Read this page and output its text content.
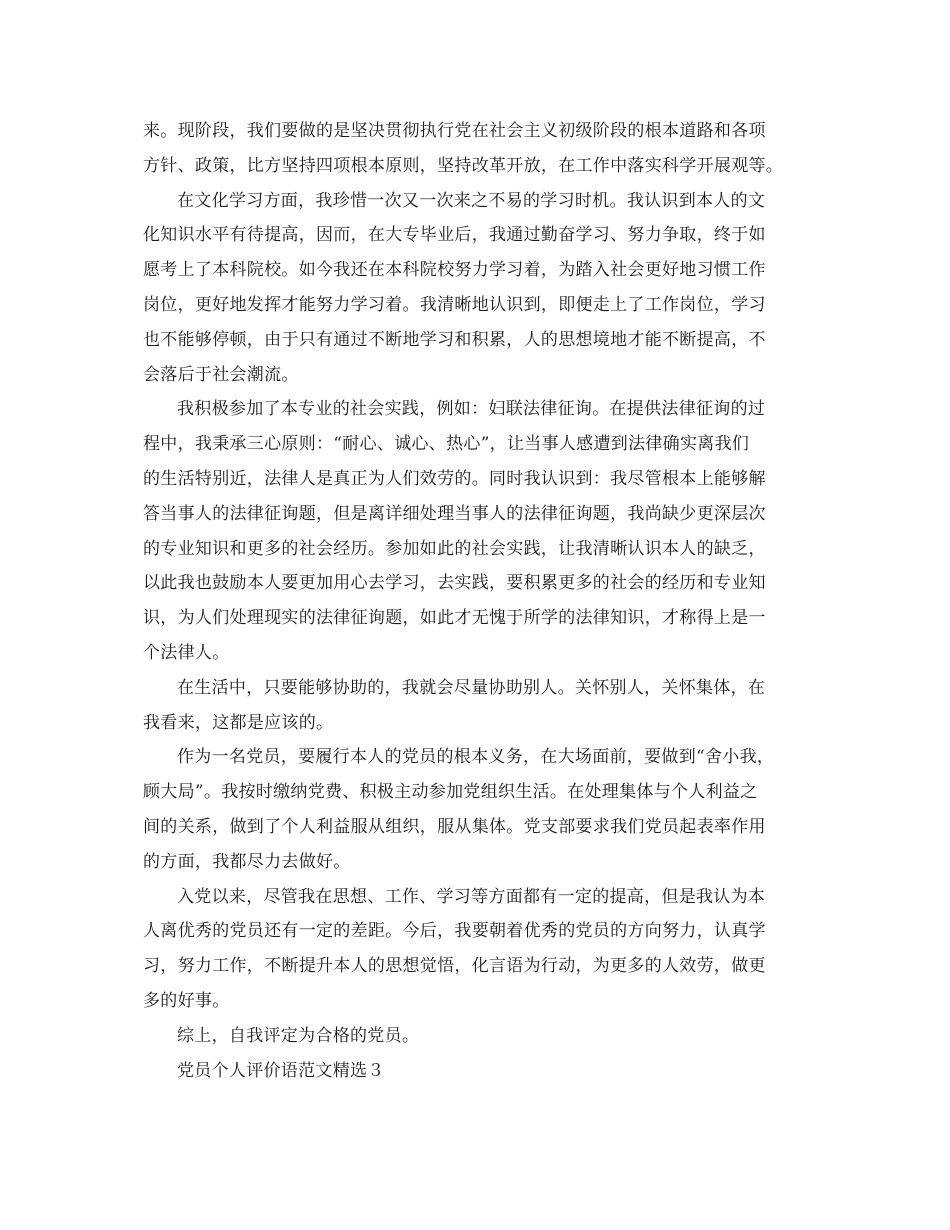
来。现阶段，我们要做的是坚决贯彻执行党在社会主义初级阶段的根本道路和各项
方针、政策，比方坚持四项根本原则，坚持改革开放，在工作中落实科学开展观等。
在文化学习方面，我珍惜一次又一次来之不易的学习时机。我认识到本人的文
化知识水平有待提高，因而，在大专毕业后，我通过勤奋学习、努力争取，终于如
愿考上了本科院校。如今我还在本科院校努力学习着，为踏入社会更好地习惯工作
岗位，更好地发挥才能努力学习着。我清晰地认识到，即便走上了工作岗位，学习
也不能够停顿，由于只有通过不断地学习和积累，人的思想境地才能不断提高，不
会落后于社会潮流。
我积极参加了本专业的社会实践，例如：妇联法律征询。在提供法律征询的过
程中，我秉承三心原则：“耐心、诚心、热心”，让当事人感遭到法律确实离我们
的生活特别近，法律人是真正为人们效劳的。同时我认识到：我尽管根本上能够解
答当事人的法律征询题，但是离详细处理当事人的法律征询题，我尚缺少更深层次
的专业知识和更多的社会经历。参加如此的社会实践，让我清晰认识本人的缺乏，
以此我也鼓励本人要更加用心去学习，去实践，要积累更多的社会的经历和专业知
识，为人们处理现实的法律征询题，如此才无愧于所学的法律知识，才称得上是一
个法律人。
在生活中，只要能够协助的，我就会尽量协助别人。关怀别人，关怀集体，在
我看来，这都是应该的。
作为一名党员，要履行本人的党员的根本义务，在大场面前，要做到“舍小我，
顾大局”。我按时缴纳党费、积极主动参加党组织生活。在处理集体与个人利益之
间的关系，做到了个人利益服从组织，服从集体。党支部要求我们党员起表率作用
的方面，我都尽力去做好。
入党以来，尽管我在思想、工作、学习等方面都有一定的提高，但是我认为本
人离优秀的党员还有一定的差距。今后，我要朝着优秀的党员的方向努力，认真学
习，努力工作，不断提升本人的思想觉悟，化言语为行动，为更多的人效劳，做更
多的好事。
综上，自我评定为合格的党员。
党员个人评价语范文精选３
